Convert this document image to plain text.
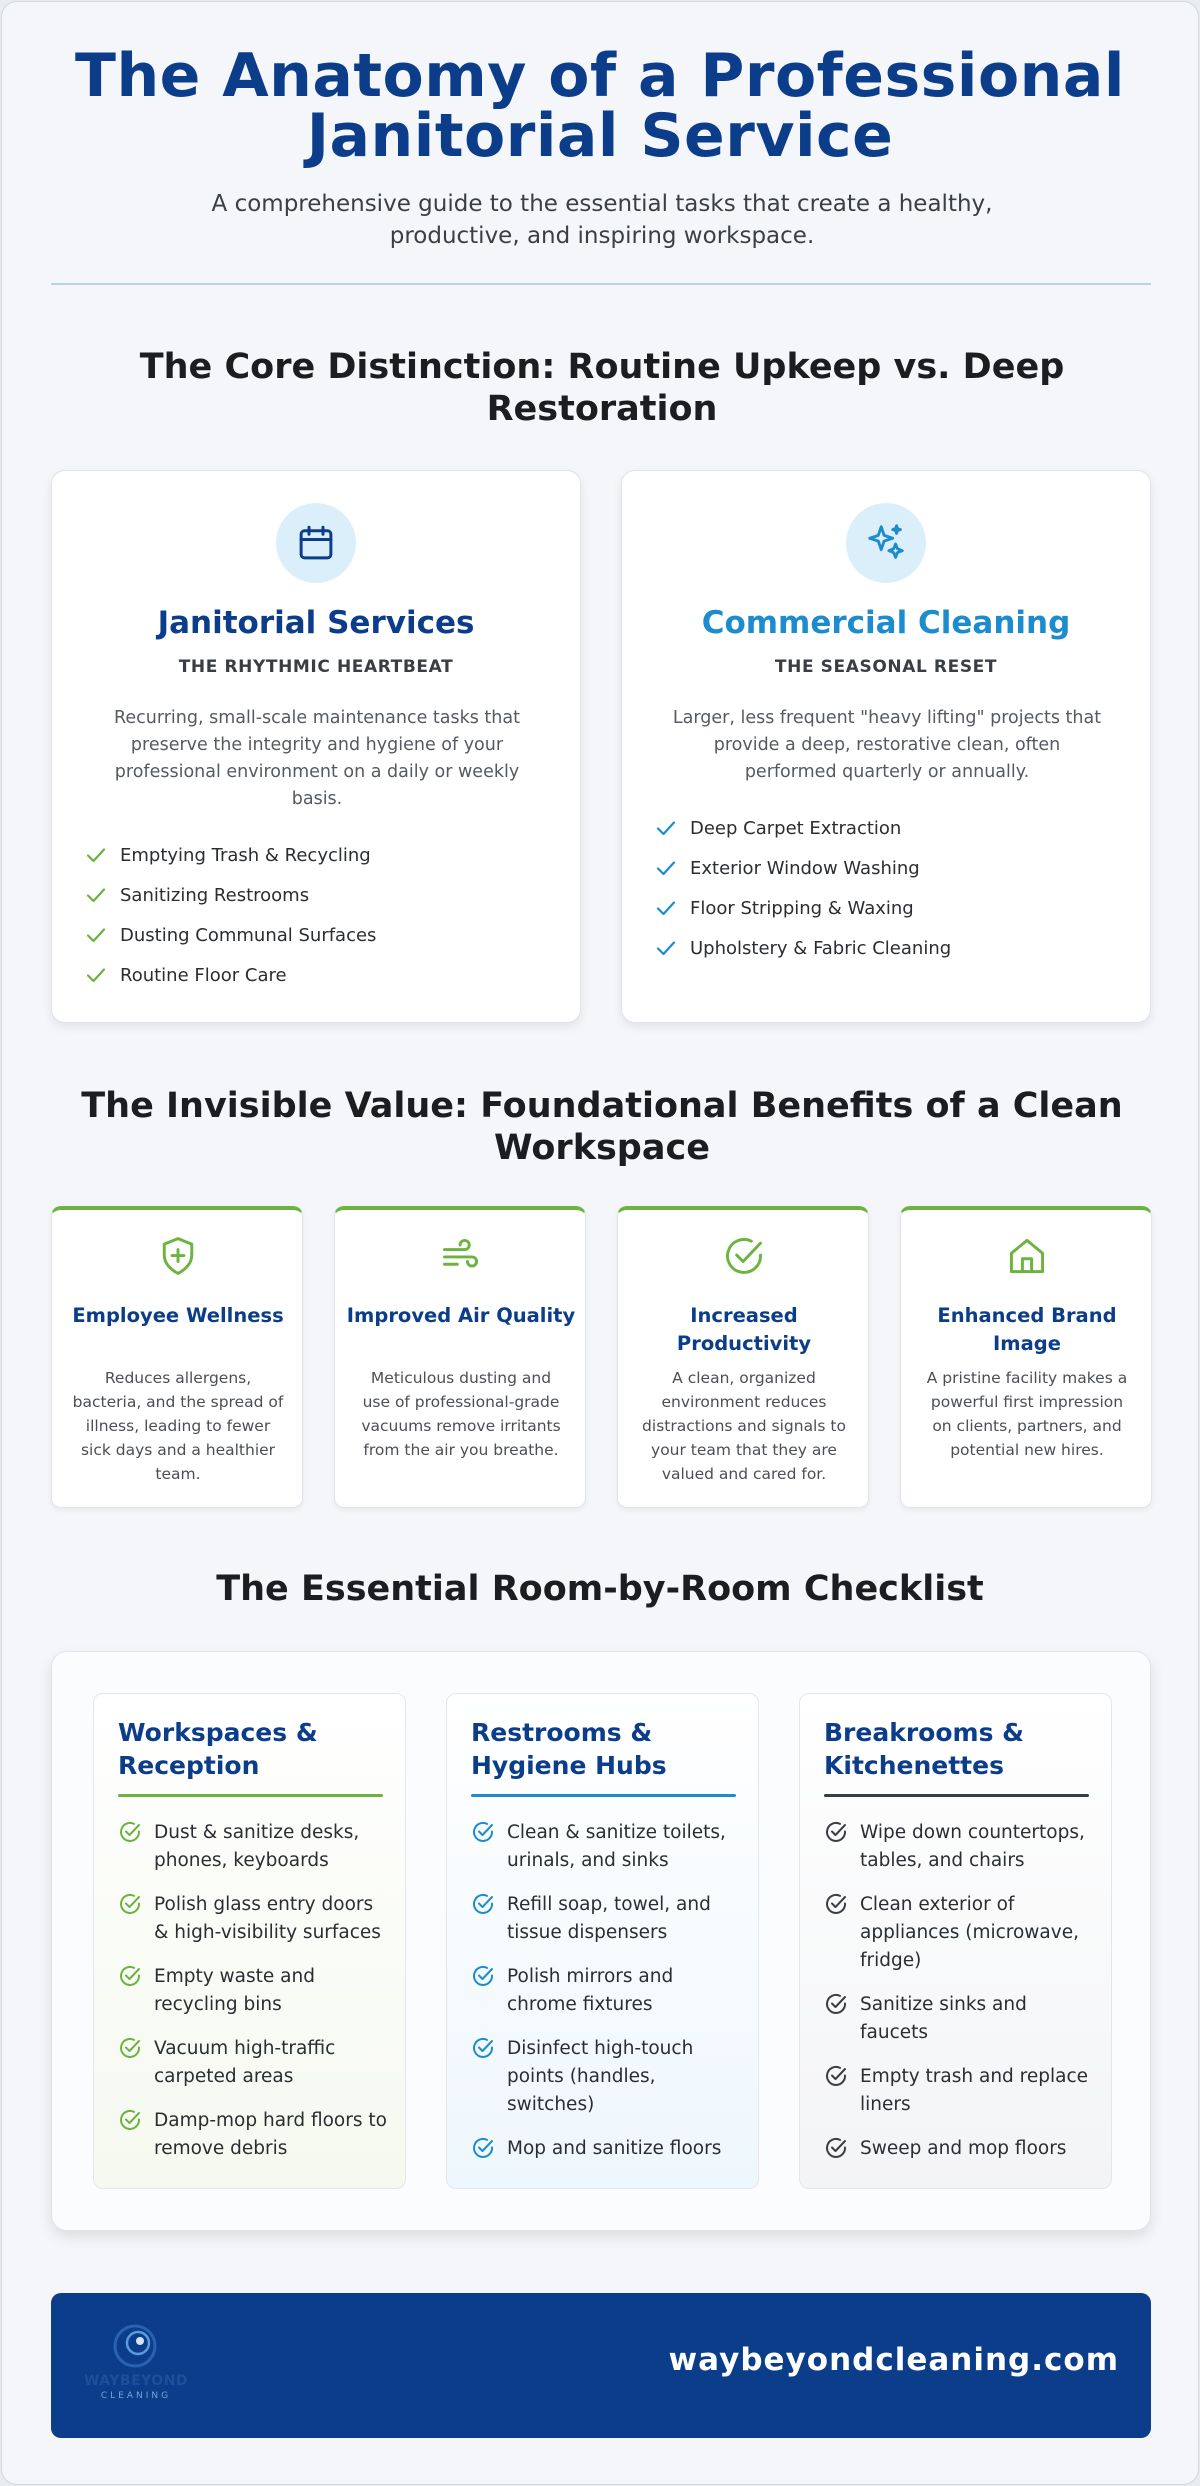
The Anatomy of a Professional
Janitorial Service
A comprehensive guide to the essential tasks that create a healthy, productive, and inspiring workspace.
The Core Distinction: Routine Upkeep vs. Deep Restoration
Janitorial Services
THE RHYTHMIC HEARTBEAT
Recurring, small-scale maintenance tasks that preserve the integrity and hygiene of your professional environment on a daily or weekly basis.
Emptying Trash & Recycling
Sanitizing Restrooms
Dusting Communal Surfaces
Routine Floor Care
Commercial Cleaning
THE SEASONAL RESET
Larger, less frequent "heavy lifting" projects that provide a deep, restorative clean, often performed quarterly or annually.
Deep Carpet Extraction
Exterior Window Washing
Floor Stripping & Waxing
Upholstery & Fabric Cleaning
The Invisible Value: Foundational Benefits of a Clean Workspace
Employee Wellness
Reduces allergens, bacteria, and the spread of illness, leading to fewer sick days and a healthier team.
Improved Air Quality
Meticulous dusting and use of professional-grade vacuums remove irritants from the air you breathe.
Increased Productivity
A clean, organized environment reduces distractions and signals to your team that they are valued and cared for.
Enhanced Brand Image
A pristine facility makes a powerful first impression on clients, partners, and potential new hires.
The Essential Room-by-Room Checklist
Workspaces & Reception
Dust & sanitize desks, phones, keyboards
Polish glass entry doors & high-visibility surfaces
Empty waste and recycling bins
Vacuum high-traffic carpeted areas
Damp-mop hard floors to remove debris
Restrooms & Hygiene Hubs
Clean & sanitize toilets, urinals, and sinks
Refill soap, towel, and tissue dispensers
Polish mirrors and chrome fixtures
Disinfect high-touch points (handles, switches)
Mop and sanitize floors
Breakrooms & Kitchenettes
Wipe down countertops, tables, and chairs
Clean exterior of appliances (microwave, fridge)
Sanitize sinks and faucets
Empty trash and replace liners
Sweep and mop floors
WAYBEYOND
CLEANING
waybeyondcleaning.com
